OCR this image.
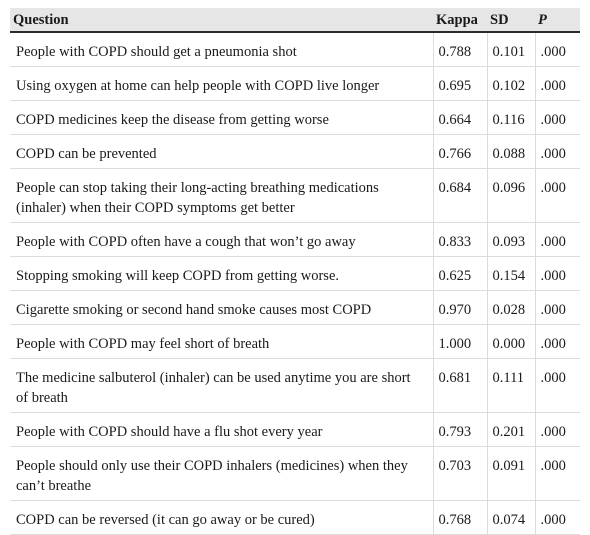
Question	Kappa	SD	P
People with COPD should get a pneumonia shot	0.788	0.101	.000
Using oxygen at home can help people with COPD live longer	0.695	0.102	.000
COPD medicines keep the disease from getting worse	0.664	0.116	.000
COPD can be prevented	0.766	0.088	.000
People can stop taking their long-acting breathing medications (inhaler) when their COPD symptoms get better	0.684	0.096	.000
People with COPD often have a cough that won’t go away	0.833	0.093	.000
Stopping smoking will keep COPD from getting worse.	0.625	0.154	.000
Cigarette smoking or second hand smoke causes most COPD	0.970	0.028	.000
People with COPD may feel short of breath	1.000	0.000	.000
The medicine salbuterol (inhaler) can be used anytime you are short of breath	0.681	0.111	.000
People with COPD should have a flu shot every year	0.793	0.201	.000
People should only use their COPD inhalers (medicines) when they can’t breathe	0.703	0.091	.000
COPD can be reversed (it can go away or be cured)	0.768	0.074	.000
